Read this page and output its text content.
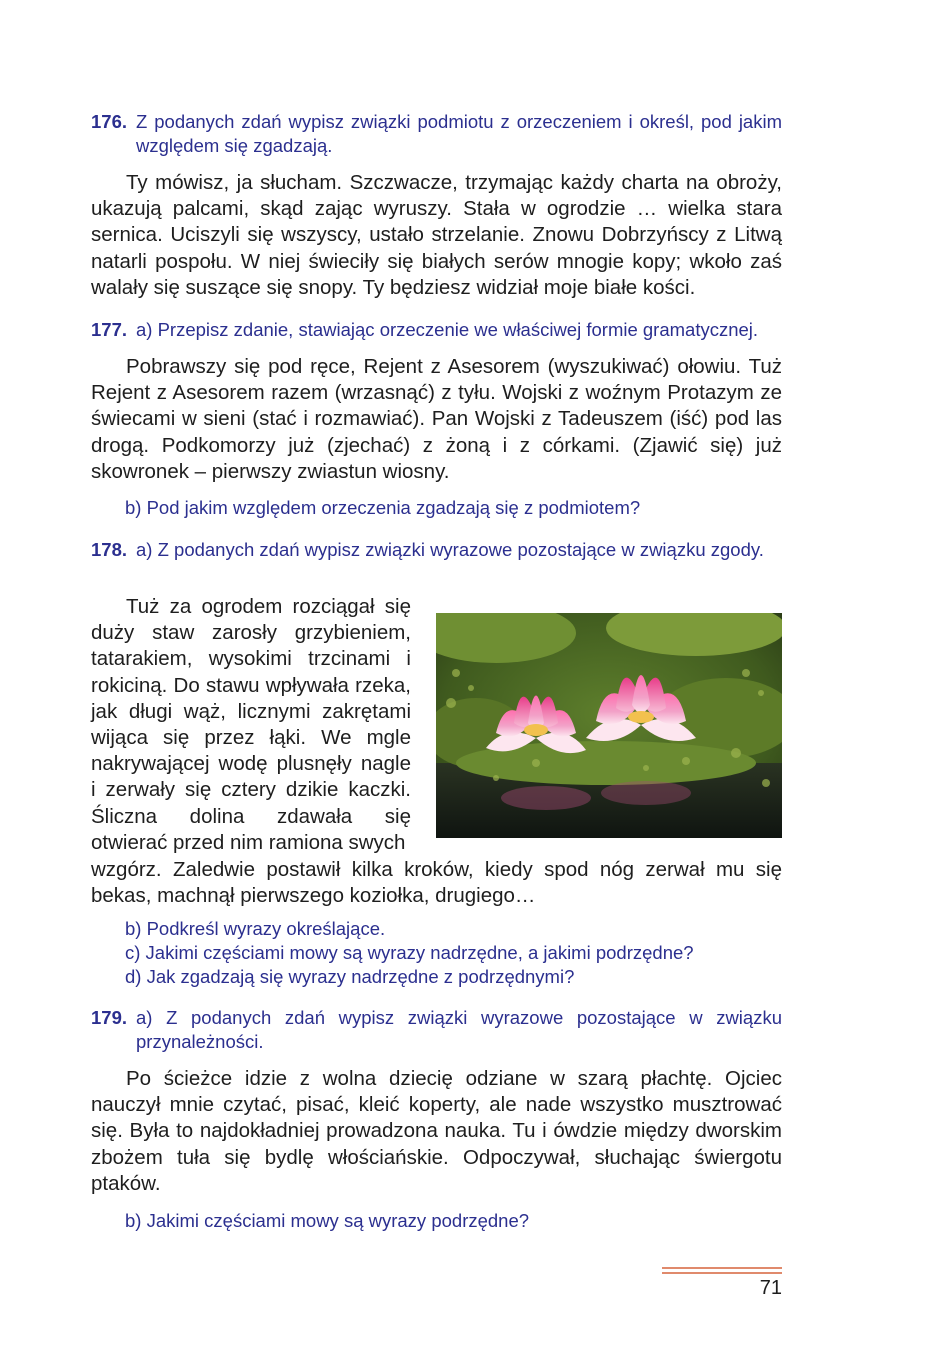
176. Z podanych zdań wypisz związki podmiotu z orzeczeniem i określ, pod jakim względem się zgadzają.

Ty mówisz, ja słucham. Szczwacze, trzymając każdy charta na obroży, ukazują palcami, skąd zając wyruszy. Stała w ogrodzie … wielka stara sernica. Uciszyli się wszyscy, ustało strzelanie. Znowu Dobrzyńscy z Litwą natarli pospołu. W niej świeciły się białych serów mnogie kopy; wkoło zaś walały się suszące się snopy. Ty będziesz widział moje białe kości.

177. a) Przepisz zdanie, stawiając orzeczenie we właściwej formie gramatycznej.

Pobrawszy się pod ręce, Rejent z Asesorem (wyszukiwać) ołowiu. Tuż Rejent z Asesorem razem (wrzasnąć) z tyłu. Wojski z woźnym Protazym ze świecami w sieni (stać i rozmawiać). Pan Wojski z Tadeuszem (iść) pod las drogą. Podkomorzy już (zjechać) z żoną i z córkami. (Zjawić się) już skowronek – pierwszy zwiastun wiosny.

b) Pod jakim względem orzeczenia zgadzają się z podmiotem?
178. a) Z podanych zdań wypisz związki wyrazowe pozostające w związku zgody.

Tuż za ogrodem rozciągał się duży staw zarosły grzybieniem, tatarakiem, wysokimi trzcinami i rokiciną. Do stawu wpływała rzeka, jak długi wąż, licznymi zakrętami wijąca się przez łąki. We mgle nakrywającej wodę plusnęły nagle i zerwały się cztery dzikie kaczki. Śliczna dolina zdawała się otwierać przed nim ramiona swych

wzgórz. Zaledwie postawił kilka kroków, kiedy spod nóg zerwał mu się bekas, machnął pierwszego koziołka, drugiego…
b) Podkreśl wyrazy określające.
c) Jakimi częściami mowy są wyrazy nadrzędne, a jakimi podrzędne?
d) Jak zgadzają się wyrazy nadrzędne z podrzędnymi?
179. a) Z podanych zdań wypisz związki wyrazowe pozostające w związku przynależności.

Po ścieżce idzie z wolna dziecię odziane w szarą płachtę. Ojciec nauczył mnie czytać, pisać, kleić koperty, ale nade wszystko musztrować się. Była to najdokładniej prowadzona nauka. Tu i ówdzie między dworskim zbożem tuła się bydlę włościańskie. Odpoczywał, słuchając świergotu ptaków.

b) Jakimi częściami mowy są wyrazy podrzędne?
71
